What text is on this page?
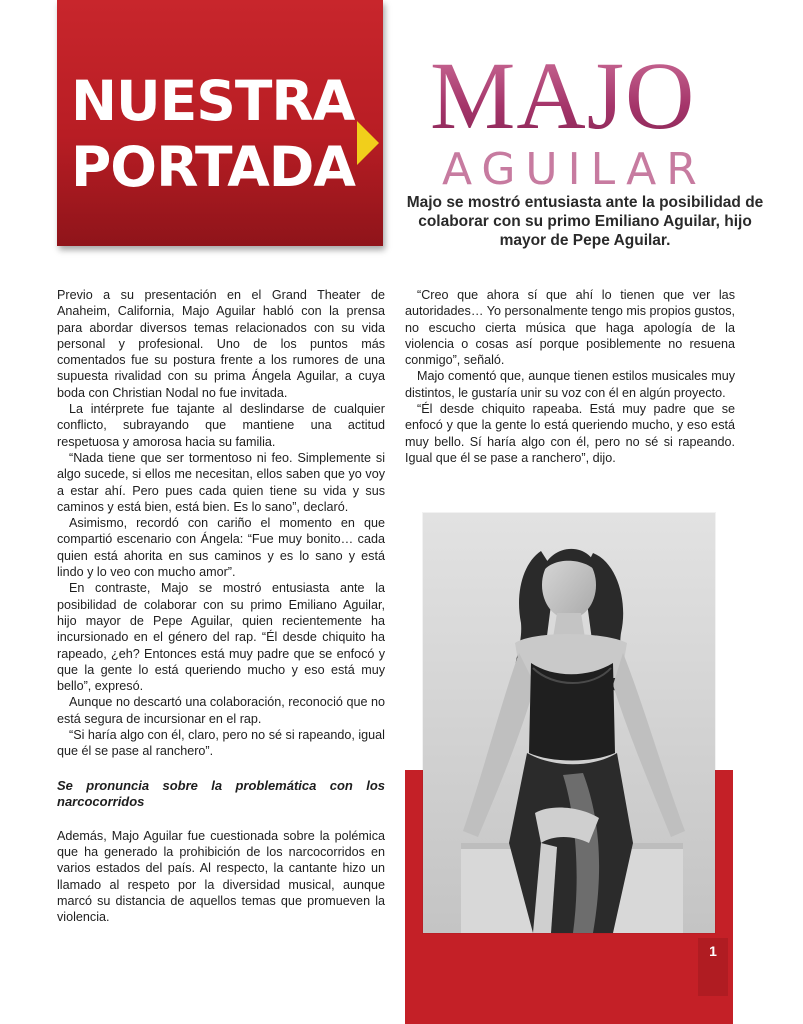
NUESTRA
PORTADA
MAJO
AGUILAR
Majo se mostró entusiasta ante la posibilidad de colaborar con su primo Emiliano Aguilar, hijo mayor de Pepe Aguilar.

Previo a su presentación en el Grand Theater de Anaheim, California, Majo Aguilar habló con la prensa para abordar diversos temas relacionados con su vida personal y profesional. Uno de los puntos más comentados fue su postura frente a los rumores de una supuesta rivalidad con su prima Ángela Aguilar, a cuya boda con Christian Nodal no fue invitada.

La intérprete fue tajante al deslindarse de cualquier conflicto, subrayando que mantiene una actitud respetuosa y amorosa hacia su familia.

“Nada tiene que ser tormentoso ni feo. Simplemente si algo sucede, si ellos me necesitan, ellos saben que yo voy a estar ahí. Pero pues cada quien tiene su vida y sus caminos y está bien, está bien. Es lo sano”, declaró.

Asimismo, recordó con cariño el momento en que compartió escenario con Ángela: “Fue muy bonito… cada quien está ahorita en sus caminos y es lo sano y está lindo y lo veo con mucho amor”.

En contraste, Majo se mostró entusiasta ante la posibilidad de colaborar con su primo Emiliano Aguilar, hijo mayor de Pepe Aguilar, quien recientemente ha incursionado en el género del rap. “Él desde chiquito ha rapeado, ¿eh? Entonces está muy padre que se enfocó y que la gente lo está queriendo mucho y eso está muy bello”, expresó.

Aunque no descartó una colaboración, reconoció que no está segura de incursionar en el rap.

“Si haría algo con él, claro, pero no sé si rapeando, igual que él se pase al ranchero”.

Se pronuncia sobre la problemática con los narcocorridos

Además, Majo Aguilar fue cuestionada sobre la polémica que ha generado la prohibición de los narcocorridos en varios estados del país. Al respecto, la cantante hizo un llamado al respeto por la diversidad musical, aunque marcó su distancia de aquellos temas que promueven la violencia.

“Creo que ahora sí que ahí lo tienen que ver las autoridades… Yo personalmente tengo mis propios gustos, no escucho cierta música que haga apología de la violencia o cosas así porque posiblemente no resuena conmigo”, señaló.

Majo comentó que, aunque tienen estilos musicales muy distintos, le gustaría unir su voz con él en algún proyecto.

“Él desde chiquito rapeaba. Está muy padre que se enfocó y que la gente lo está queriendo mucho, y eso está muy bello. Sí haría algo con él, pero no sé si rapeando. Igual que él se pase a ranchero”, dijo.

1
